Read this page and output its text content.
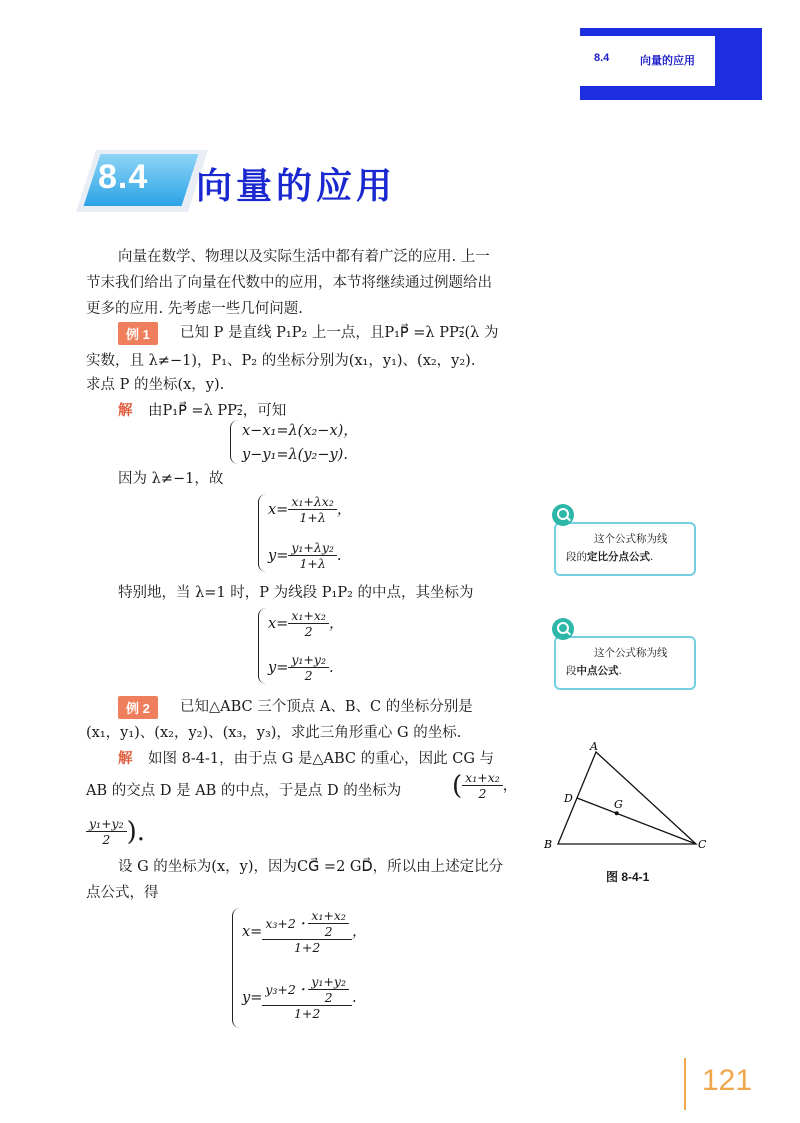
8.4	向量的应用
8.4 向量的应用
向量在数学、物理以及实际生活中都有着广泛的应用. 上一
节末我们给出了向量在代数中的应用，本节将继续通过例题给出
更多的应用. 先考虑一些几何问题.
例 1	已知 P 是直线 P₁P₂ 上一点，且P₁P⃗ =λ PP₂⃗(λ 为
实数，且 λ≠−1)，P₁、P₂ 的坐标分别为(x₁，y₁)、(x₂，y₂).
求点 P 的坐标(x，y).
解 由P₁P⃗ =λ PP₂⃗，可知
x−x₁=λ(x₂−x)，
y−y₁=λ(y₂−y).
因为 λ≠−1，故
$x= \frac{\text{x₁+λx₂}}{1+\lambda}$ ，
$y= \frac{\text{y₁+λy₂}}{1+\lambda}$ .
特别地，当 λ=1 时，P 为线段 P₁P₂ 的中点，其坐标为
$x= \frac{\text{x₁+x₂}}{2}$ ，
$y= \frac{\text{y₁+y₂}}{2}$ .
这个公式称为线
段的定比分点公式.
这个公式称为线
段中点公式.
例 2	已知△ABC 三个顶点 A、B、C 的坐标分别是
(x₁，y₁)、(x₂，y₂)、(x₃，y₃)，求此三角形重心 G 的坐标.
解 如图 8-4-1，由于点 G 是△ABC 的重心，因此 CG 与
AB 的交点 D 是 AB 的中点，于是点 D 的坐标为 ( $\frac{\text{x₁+x₂}}{2}$ ，
$\frac{\text{y₁+y₂}}{2}$ ).
设 G 的坐标为(x，y)，因为CG⃗ =2 GD⃗，所以由上述定比分
点公式，得
$x= \frac{x_3+2・ \frac{\text{x₁+x₂}}{2}}{1+2}$ ，
$y= \frac{y_3+2・ \frac{\text{y₁+y₂}}{2}}{1+2}$ .
A
B	C
D	G
图 8-4-1
121
